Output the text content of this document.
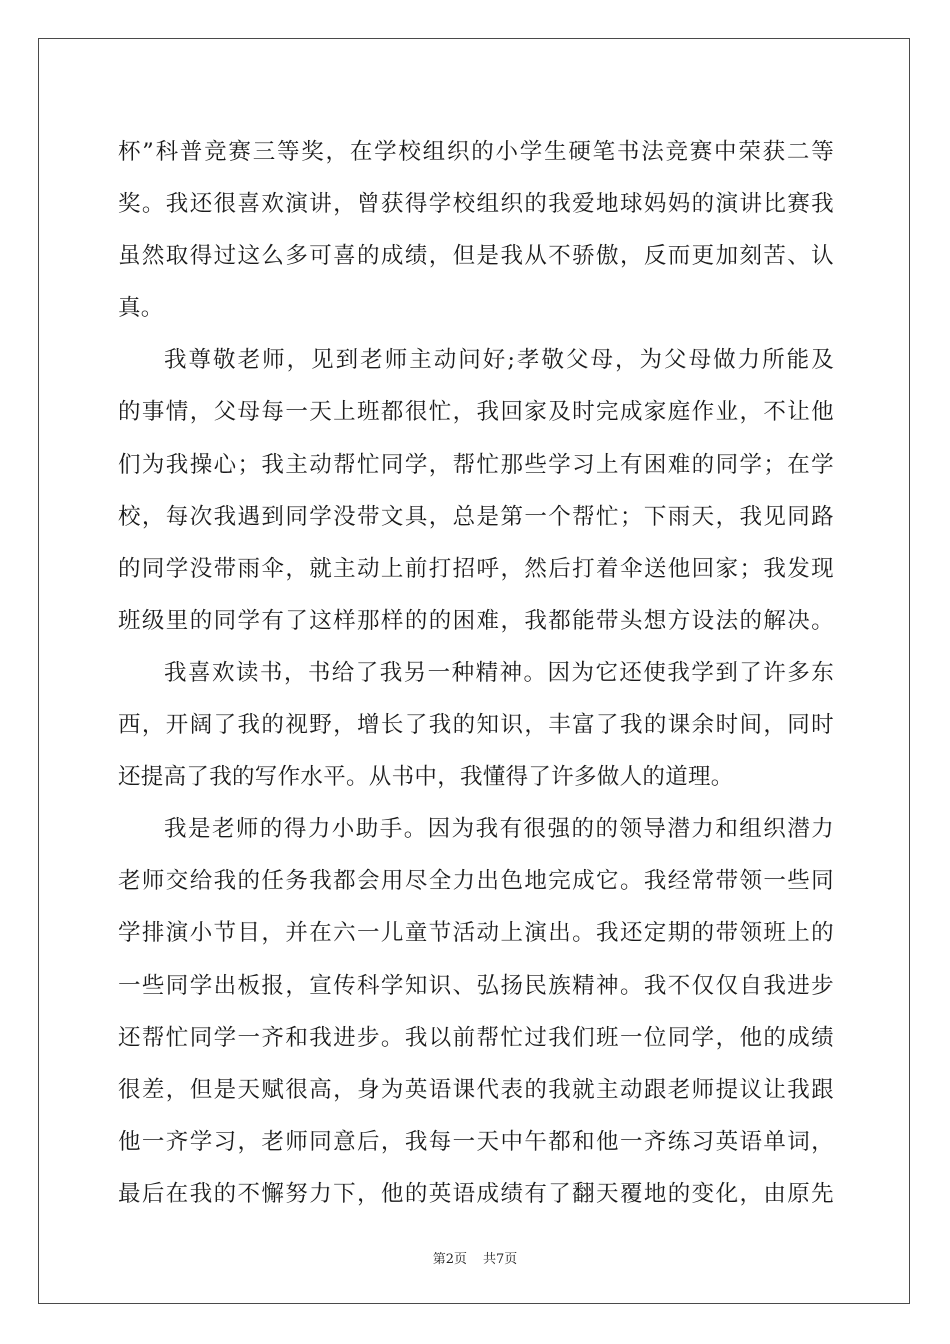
杯”科普竞赛三等奖，在学校组织的小学生硬笔书法竞赛中荣获二等
奖。我还很喜欢演讲，曾获得学校组织的我爱地球妈妈的演讲比赛我
虽然取得过这么多可喜的成绩，但是我从不骄傲，反而更加刻苦、认
真。
我尊敬老师，见到老师主动问好;孝敬父母，为父母做力所能及
的事情，父母每一天上班都很忙，我回家及时完成家庭作业，不让他
们为我操心；我主动帮忙同学，帮忙那些学习上有困难的同学；在学
校，每次我遇到同学没带文具，总是第一个帮忙；下雨天，我见同路
的同学没带雨伞，就主动上前打招呼，然后打着伞送他回家；我发现
班级里的同学有了这样那样的的困难，我都能带头想方设法的解决。
我喜欢读书，书给了我另一种精神。因为它还使我学到了许多东
西，开阔了我的视野，增长了我的知识，丰富了我的课余时间，同时
还提高了我的写作水平。从书中，我懂得了许多做人的道理。
我是老师的得力小助手。因为我有很强的的领导潜力和组织潜力
老师交给我的任务我都会用尽全力出色地完成它。我经常带领一些同
学排演小节目，并在六一儿童节活动上演出。我还定期的带领班上的
一些同学出板报，宣传科学知识、弘扬民族精神。我不仅仅自我进步
还帮忙同学一齐和我进步。我以前帮忙过我们班一位同学，他的成绩
很差，但是天赋很高，身为英语课代表的我就主动跟老师提议让我跟
他一齐学习，老师同意后，我每一天中午都和他一齐练习英语单词，
最后在我的不懈努力下，他的英语成绩有了翻天覆地的变化，由原先
第2页 共7页
